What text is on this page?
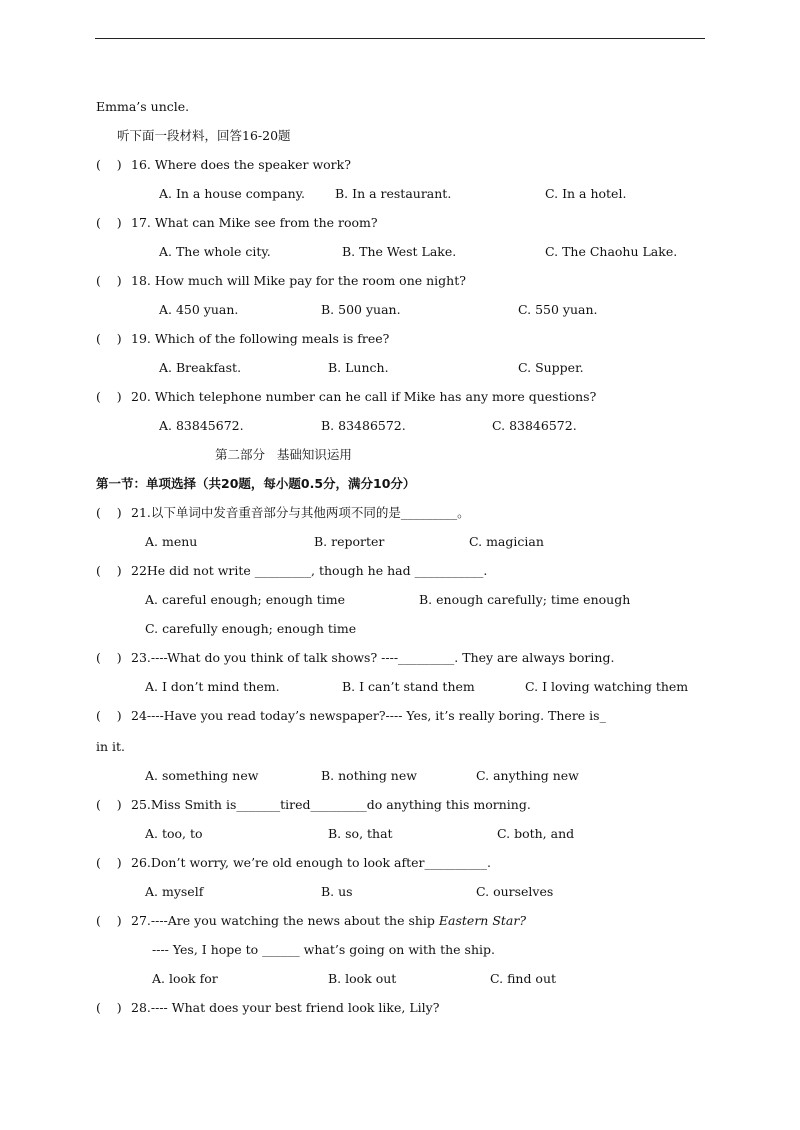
Emma’s uncle.
听下面一段材料，回答16-20题
(    ) 16. Where does the speaker work?
A. In a house company. B. In a restaurant.	C. In a hotel.
(    ) 17. What can Mike see from the room?
A. The whole city.	B. The West Lake.	C. The Chaohu Lake.
(    ) 18. How much will Mike pay for the room one night?
A. 450 yuan.	B. 500 yuan.	C. 550 yuan.
(    ) 19. Which of the following meals is free?
A. Breakfast.	B. Lunch.	C. Supper.
(    ) 20. Which telephone number can he call if Mike has any more questions?
A. 83845672.	B. 83486572.	C. 83846572.
第二部分   基础知识运用
第一节：单项选择（共20题，每小题0.5分，满分10分）
(    ) 21.以下单词中发音重音部分与其他两项不同的是_________。
A. menu	B. reporter	C. magician
(    ) 22He did not write _________, though he had ___________.
A. careful enough; enough time	B. enough carefully; time enough
C. carefully enough; enough time
(    ) 23.----What do you think of talk shows? ----_________. They are always boring.
A. I don’t mind them.	B. I can’t stand them	C. I loving watching them
(    ) 24----Have you read today’s newspaper?---- Yes, it’s really boring. There is_
in it.
A. something new	B. nothing new	C. anything new
(    ) 25.Miss Smith is_______tired_________do anything this morning.
A. too, to	B. so, that	C. both, and
(    ) 26.Don’t worry, we’re old enough to look after__________.
A. myself	B. us	C. ourselves
(    ) 27.----Are you watching the news about the ship Eastern Star?
---- Yes, I hope to ______ what’s going on with the ship.
A. look for	B. look out	C. find out
(    ) 28.---- What does your best friend look like, Lily?
